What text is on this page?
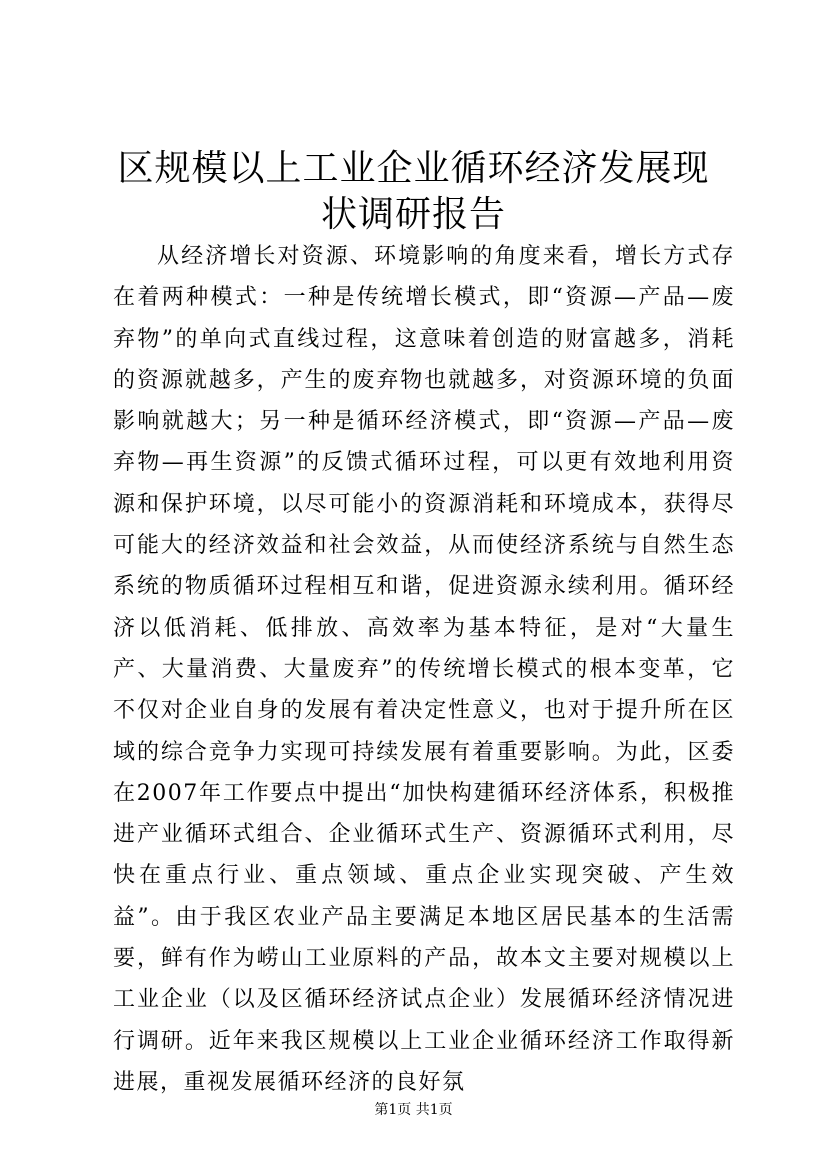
区规模以上工业企业循环经济发展现状调研报告

从经济增长对资源、环境影响的角度来看，增长方式存在着两种模式：一种是传统增长模式，即“资源—产品—废弃物”的单向式直线过程，这意味着创造的财富越多，消耗的资源就越多，产生的废弃物也就越多，对资源环境的负面影响就越大；另一种是循环经济模式，即“资源—产品—废弃物—再生资源”的反馈式循环过程，可以更有效地利用资源和保护环境，以尽可能小的资源消耗和环境成本，获得尽可能大的经济效益和社会效益，从而使经济系统与自然生态系统的物质循环过程相互和谐，促进资源永续利用。循环经济以低消耗、低排放、高效率为基本特征，是对“大量生产、大量消费、大量废弃”的传统增长模式的根本变革，它不仅对企业自身的发展有着决定性意义，也对于提升所在区域的综合竞争力实现可持续发展有着重要影响。为此，区委在2007年工作要点中提出“加快构建循环经济体系，积极推进产业循环式组合、企业循环式生产、资源循环式利用，尽快在重点行业、重点领域、重点企业实现突破、产生效益”。由于我区农业产品主要满足本地区居民基本的生活需要，鲜有作为崂山工业原料的产品，故本文主要对规模以上工业企业（以及区循环经济试点企业）发展循环经济情况进行调研。近年来我区规模以上工业企业循环经济工作取得新进展，重视发展循环经济的良好氛

第1页 共1页
